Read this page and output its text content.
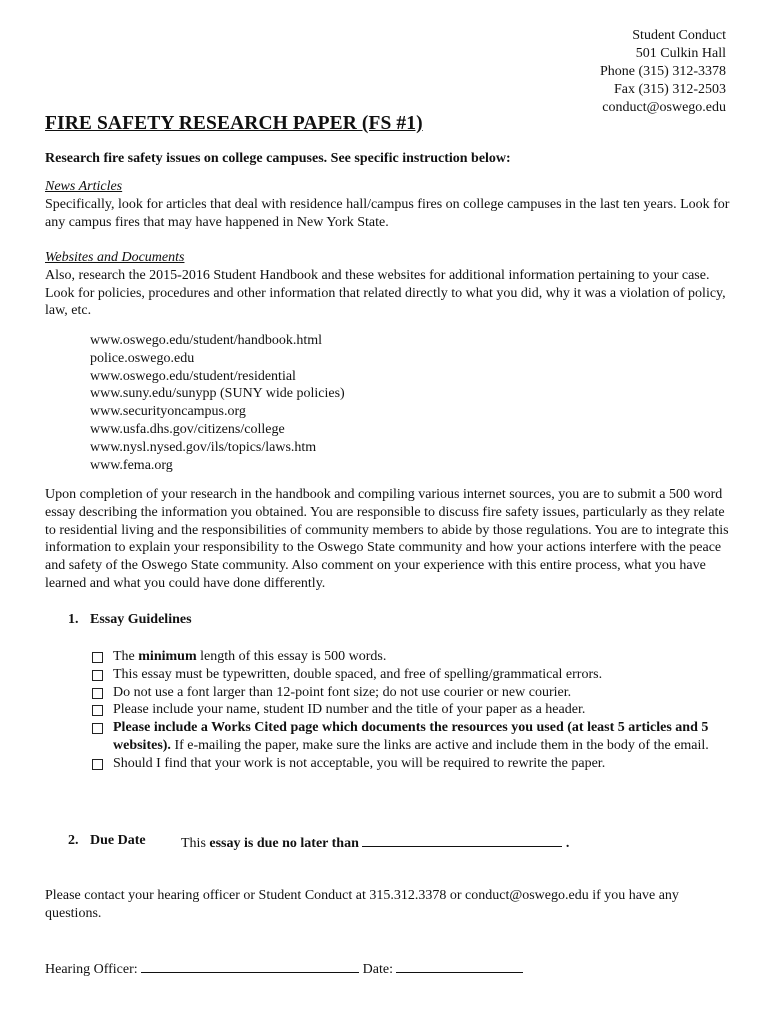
Student Conduct
501 Culkin Hall
Phone (315) 312-3378
Fax (315) 312-2503
conduct@oswego.edu
FIRE SAFETY RESEARCH PAPER (FS #1)
Research fire safety issues on college campuses. See specific instruction below:
News Articles
Specifically, look for articles that deal with residence hall/campus fires on college campuses in the last ten years. Look for any campus fires that may have happened in New York State.
Websites and Documents
Also, research the 2015-2016 Student Handbook and these websites for additional information pertaining to your case. Look for policies, procedures and other information that related directly to what you did, why it was a violation of policy, law, etc.
www.oswego.edu/student/handbook.html
police.oswego.edu
www.oswego.edu/student/residential
www.suny.edu/sunypp (SUNY wide policies)
www.securityoncampus.org
www.usfa.dhs.gov/citizens/college
www.nysl.nysed.gov/ils/topics/laws.htm
www.fema.org
Upon completion of your research in the handbook and compiling various internet sources, you are to submit a 500 word essay describing the information you obtained. You are responsible to discuss fire safety issues, particularly as they relate to residential living and the responsibilities of community members to abide by those regulations. You are to integrate this information to explain your responsibility to the Oswego State community and how your actions interfere with the peace and safety of the Oswego State community. Also comment on your experience with this entire process, what you have learned and what you could have done differently.
1. Essay Guidelines
The minimum length of this essay is 500 words.
This essay must be typewritten, double spaced, and free of spelling/grammatical errors.
Do not use a font larger than 12-point font size; do not use courier or new courier.
Please include your name, student ID number and the title of your paper as a header.
Please include a Works Cited page which documents the resources you used (at least 5 articles and 5 websites). If e-mailing the paper, make sure the links are active and include them in the body of the email.
Should I find that your work is not acceptable, you will be required to rewrite the paper.
2. Due Date	This essay is due no later than	.
Please contact your hearing officer or Student Conduct at 315.312.3378 or conduct@oswego.edu if you have any questions.
Hearing Officer:	Date:
